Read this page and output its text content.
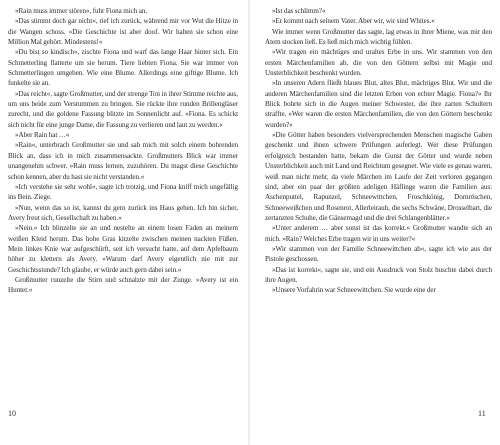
»Rain muss immer stören«, fuhr Fiona mich an.

»Das stimmt doch gar nicht«, rief ich zurück, während mir vor Wut die Hitze in die Wangen schoss. »Die Geschichte ist aber doof. Wir haben sie schon eine Million Mal gehört. Mindestens!«

»Du bist so kindisch«, zischte Fiona und warf das lange Haar hinter sich. Ein Schmetterling flatterte um sie herum. Tiere liebten Fiona. Sie war immer von Schmetterlingen umgeben. Wie eine Blume. Allerdings eine giftige Blume. Ich funkelte sie an.

»Das reicht«, sagte Großmutter, und der strenge Ton in ihrer Stimme reichte aus, um uns beide zum Verstummen zu bringen. Sie rückte ihre runden Brillengläser zurecht, und die goldene Fassung blitzte im Sonnenlicht auf. »Fiona. Es schickt sich nicht für eine junge Dame, die Fassung zu verlieren und laut zu werden.«

»Aber Rain hat …«

»Rain«, unterbrach Großmutter sie und sah mich mit solch einem bohrenden Blick an, dass ich in mich zusammensackte. Großmutters Blick war immer unangenehm schwer. »Rain muss lernen, zuzuhören. Du magst diese Geschichte schon kennen, aber du hast sie nicht verstanden.«

»Ich verstehe sie sehr wohl«, sagte ich trotzig, und Fiona kniff mich ungefällig ins Bein. Ziege.

»Nun, wenn das so ist, kannst du gern zurück ins Haus gehen. Ich bin sicher, Avery freut sich, Gesellschaft zu haben.«

»Nein.« Ich blinzelte sie an und nestelte an einem losen Faden an meinem weißen Kleid herum. Das hohe Gras kitzelte zwischen meinen nackten Füßen. Mein linkes Knie war aufgeschürft, seit ich versucht hatte, auf dem Apfelbaum höher zu klettern als Avery. »Warum darf Avery eigentlich nie mit zur Geschichtsstunde? Ich glaube, er würde auch gern dabei sein.«

Großmutter runzelte die Stirn und schnalzte mit der Zunge. »Avery ist ein Hunter.«

10

»Ist das schlimm?«

»Er kommt nach seinem Vater. Aber wir, wir sind Whites.«

Wie immer wenn Großmutter das sagte, lag etwas in ihrer Miene, was mir den Atem stocken ließ. Es ließ mich mich wichtig fühlen.

»Wir tragen ein mächtiges und uraltes Erbe in uns. Wir stammen von den ersten Märchenfamilien ab, die von den Göttern selbst mit Magie und Unsterblichkeit beschenkt wurden.

»In unseren Adern fließt blaues Blut, altes Blut, mächtiges Blut. Wir und die anderen Märchenfamilien sind die letzten Erben von echter Magie. Fiona?« Ihr Blick bohrte sich in die Augen meiner Schwester, die ihre zarten Schultern straffte. »Wer waren die ersten Märchenfamilien, die von den Göttern beschenkt wurden?«

»Die Götter haben besonders vielversprechenden Menschen magische Gaben geschenkt und ihnen schwere Prüfungen auferlegt. Wer diese Prüfungen erfolgreich bestanden hatte, bekam die Gunst der Götter und wurde neben Unsterblichkeit auch mit Land und Reichtum gesegnet. Wie viele es genau waren, weiß man nicht mehr, da viele Märchen im Laufe der Zeit verloren gegangen sind, aber ein paar der größten adeligen Häflinge waren die Familien aus: Aschenputtel, Rapunzel, Schneewittchen, Froschkönig, Dornröschen, Schneeweißchen und Rosenrot, Allerleirauh, die sechs Schwäne, Drosselbart, die zertanzten Schuhe, die Gänsemagd und die drei Schlangenblätter.«

»Unter anderem … aber sonst ist das korrekt.« Großmutter wandte sich an mich. »Rain? Welches Erbe tragen wir in uns weiter?«

»Wir stammen von der Familie Schneewittchen ab«, sagte ich wie aus der Pistole geschossen.

»Das ist korrekt«, sagte sie, und ein Ausdruck von Stolz huschte dabei durch ihre Augen.

»Unsere Vorfahrin war Schneewittchen. Sie wurde eine der

11
